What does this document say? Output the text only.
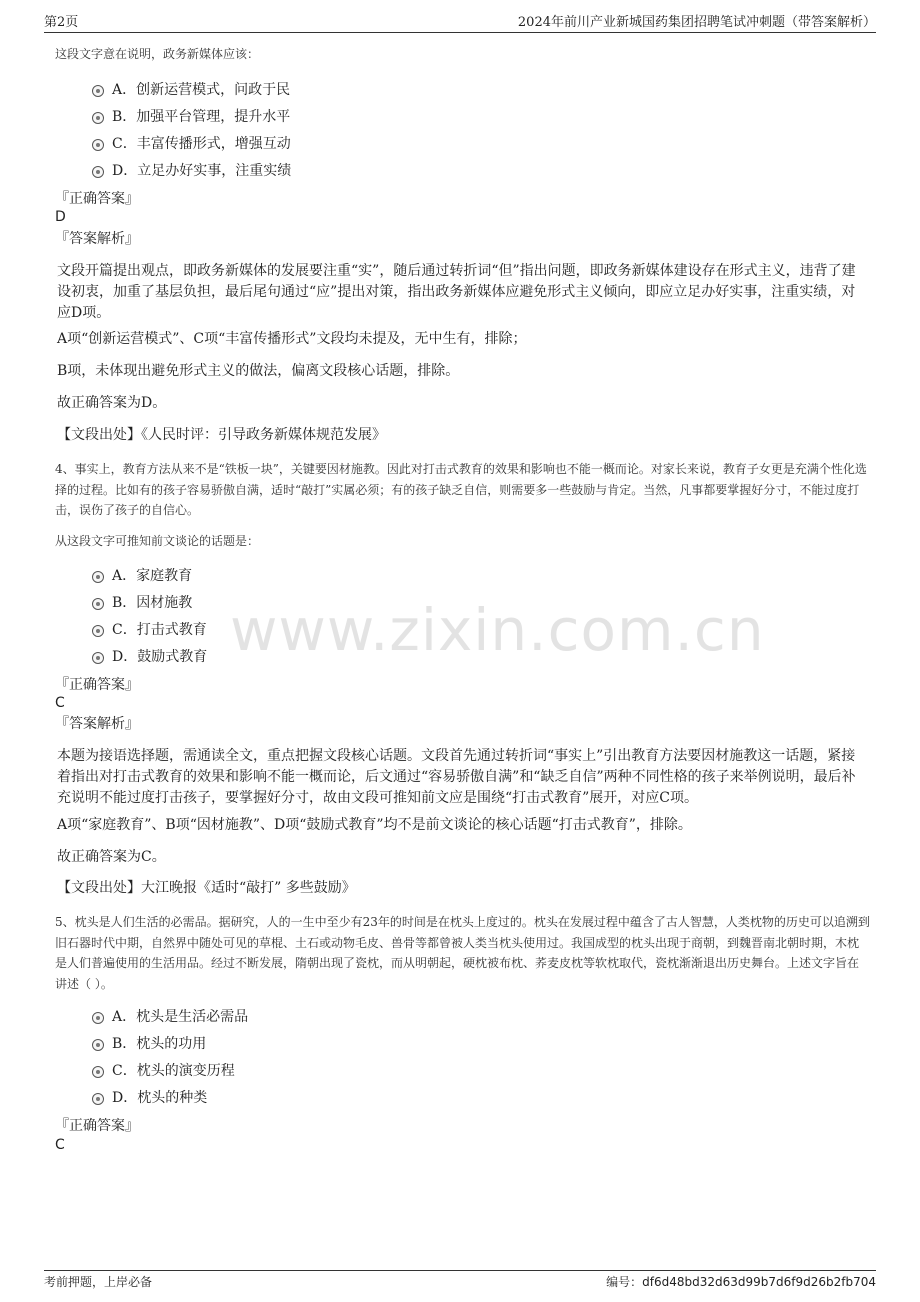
第2页	2024年前川产业新城国药集团招聘笔试冲刺题（带答案解析）
www.zixin.com.cn
这段文字意在说明，政务新媒体应该：
A．创新运营模式，问政于民
B．加强平台管理，提升水平
C．丰富传播形式，增强互动
D．立足办好实事，注重实绩
『正确答案』
D
『答案解析』
文段开篇提出观点，即政务新媒体的发展要注重“实”，随后通过转折词“但”指出问题，即政务新媒体建设存在形式主义，违背了建设初衷，加重了基层负担，最后尾句通过“应”提出对策，指出政务新媒体应避免形式主义倾向，即应立足办好实事，注重实绩，对应D项。
A项“创新运营模式”、C项“丰富传播形式”文段均未提及，无中生有，排除；
B项，未体现出避免形式主义的做法，偏离文段核心话题，排除。
故正确答案为D。
【文段出处】《人民时评：引导政务新媒体规范发展》
4、事实上，教育方法从来不是“铁板一块”，关键要因材施教。因此对打击式教育的效果和影响也不能一概而论。对家长来说，教育子女更是充满个性化选择的过程。比如有的孩子容易骄傲自满，适时“敲打”实属必须；有的孩子缺乏自信，则需要多一些鼓励与肯定。当然，凡事都要掌握好分寸，不能过度打击，误伤了孩子的自信心。
从这段文字可推知前文谈论的话题是：
A．家庭教育
B．因材施教
C．打击式教育
D．鼓励式教育
『正确答案』
C
『答案解析』
本题为接语选择题，需通读全文，重点把握文段核心话题。文段首先通过转折词“事实上”引出教育方法要因材施教这一话题，紧接着指出对打击式教育的效果和影响不能一概而论，后文通过“容易骄傲自满”和“缺乏自信”两种不同性格的孩子来举例说明，最后补充说明不能过度打击孩子，要掌握好分寸，故由文段可推知前文应是围绕“打击式教育”展开，对应C项。
A项“家庭教育”、B项“因材施教”、D项“鼓励式教育”均不是前文谈论的核心话题“打击式教育”，排除。
故正确答案为C。
【文段出处】大江晚报《适时“敲打” 多些鼓励》
5、枕头是人们生活的必需品。据研究，人的一生中至少有23年的时间是在枕头上度过的。枕头在发展过程中蕴含了古人智慧，人类枕物的历史可以追溯到旧石器时代中期，自然界中随处可见的草棍、土石或动物毛皮、兽骨等都曾被人类当枕头使用过。我国成型的枕头出现于商朝，到魏晋南北朝时期，木枕是人们普遍使用的生活用品。经过不断发展，隋朝出现了瓷枕，而从明朝起，硬枕被布枕、荞麦皮枕等软枕取代，瓷枕渐渐退出历史舞台。上述文字旨在讲述（ ）。
A．枕头是生活必需品
B．枕头的功用
C．枕头的演变历程
D．枕头的种类
『正确答案』
C
考前押题，上岸必备	编号：df6d48bd32d63d99b7d6f9d26b2fb704
